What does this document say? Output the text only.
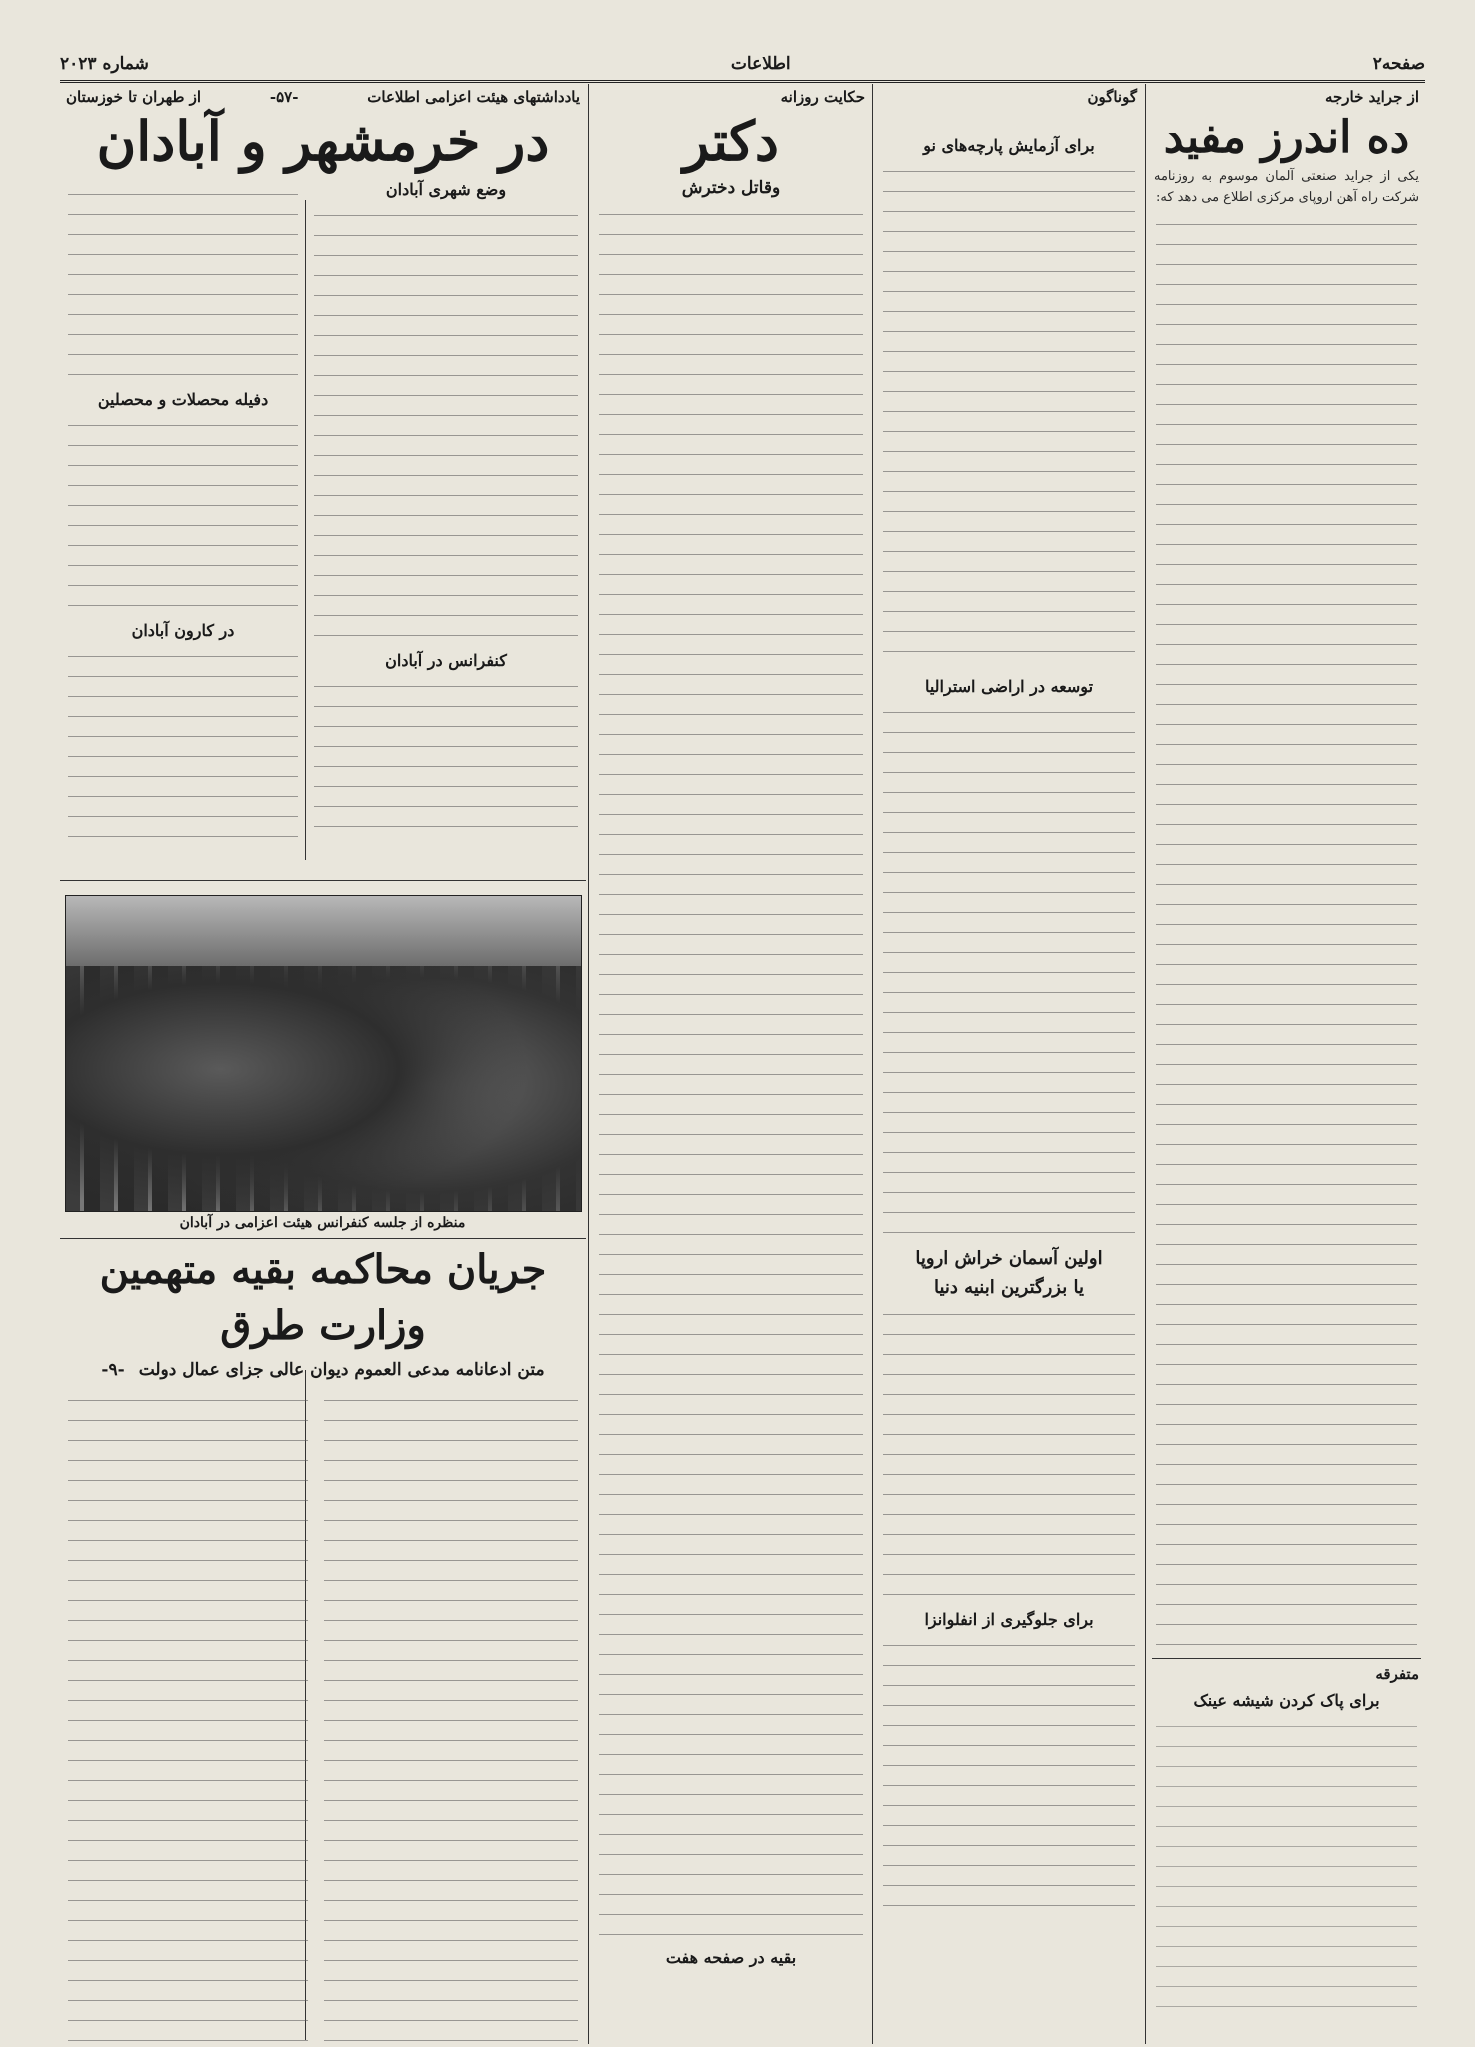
صفحه۲
اطلاعات
شماره ۲۰۲۳
از جراید خارجه
ده اندرز مفید

یکی از جراید صنعتی آلمان موسوم به روزنامه شرکت راه آهن اروپای مرکزی اطلاع می دهد که:

متفرقه
برای پاک کردن شیشه عینک
گوناگون
برای آزمایش پارچه‌های نو
توسعه در اراضی استرالیا
اولین آسمان خراش اروپا
یا بزرگترین ابنیه دنیا
برای جلوگیری از انفلوانزا
حکایت روزانه
دکتر
وقاتل دخترش
بقیه در صفحه هفت
یادداشتهای هیئت اعزامی اطلاعات
-۵۷-
از طهران تا خوزستان
در خرمشهر و آبادان
وضع شهری آبادان
کنفرانس در آبادان
دفیله محصلات و محصلین
در کارون آبادان
منظره از جلسه کنفرانس هیئت اعزامی در آبادان
جریان محاکمه بقیه متهمین وزارت طرق
متن ادعانامه مدعی العموم دیوان عالی جزای عمال دولت
-۹-
